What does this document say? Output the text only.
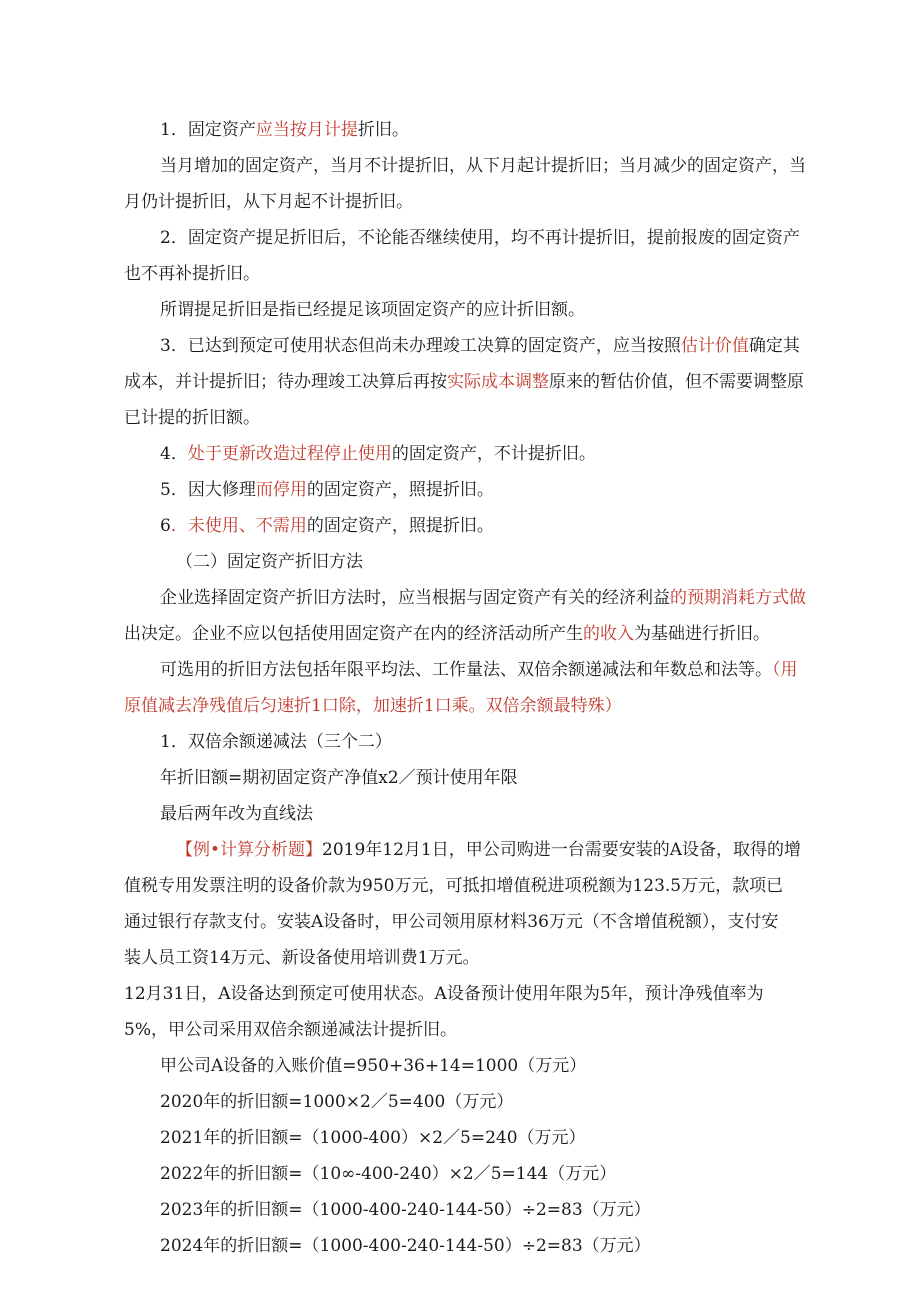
1．固定资产应当按月计提折旧。

当月增加的固定资产，当月不计提折旧，从下月起计提折旧；当月减少的固定资产，当

月仍计提折旧，从下月起不计提折旧。

2．固定资产提足折旧后，不论能否继续使用，均不再计提折旧，提前报废的固定资产

也不再补提折旧。

所谓提足折旧是指已经提足该项固定资产的应计折旧额。

3．已达到预定可使用状态但尚未办理竣工决算的固定资产，应当按照估计价值确定其

成本，并计提折旧；待办理竣工决算后再按实际成本调整原来的暂估价值，但不需要调整原

已计提的折旧额。

4．处于更新改造过程停止使用的固定资产，不计提折旧。

5．因大修理而停用的固定资产，照提折旧。

6．未使用、不需用的固定资产，照提折旧。

（二）固定资产折旧方法

企业选择固定资产折旧方法时，应当根据与固定资产有关的经济利益的预期消耗方式做

出决定。企业不应以包括使用固定资产在内的经济活动所产生的收入为基础进行折旧。

可选用的折旧方法包括年限平均法、工作量法、双倍余额递减法和年数总和法等。（用

原值减去净残值后匀速折1口除，加速折1口乘。双倍余额最特殊）

1．双倍余额递减法（三个二）

年折旧额=期初固定资产净值x2／预计使用年限

最后两年改为直线法

【例•计算分析题】2019年12月1日，甲公司购进一台需要安装的A设备，取得的增

值税专用发票注明的设备价款为950万元，可抵扣增值税进项税额为123.5万元，款项已

通过银行存款支付。安装A设备时，甲公司领用原材料36万元（不含增值税额），支付安

装人员工资14万元、新设备使用培训费1万元。

12月31日，A设备达到预定可使用状态。A设备预计使用年限为5年，预计净残值率为

5%，甲公司采用双倍余额递减法计提折旧。

甲公司A设备的入账价值=950+36+14=1000（万元）

2020年的折旧额=1000×2／5=400（万元）

2021年的折旧额=（1000-400）×2／5=240（万元）

2022年的折旧额=（10∞-400-240）×2／5=144（万元）

2023年的折旧额=（1000-400-240-144-50）÷2=83（万元）

2024年的折旧额=（1000-400-240-144-50）÷2=83（万元）
